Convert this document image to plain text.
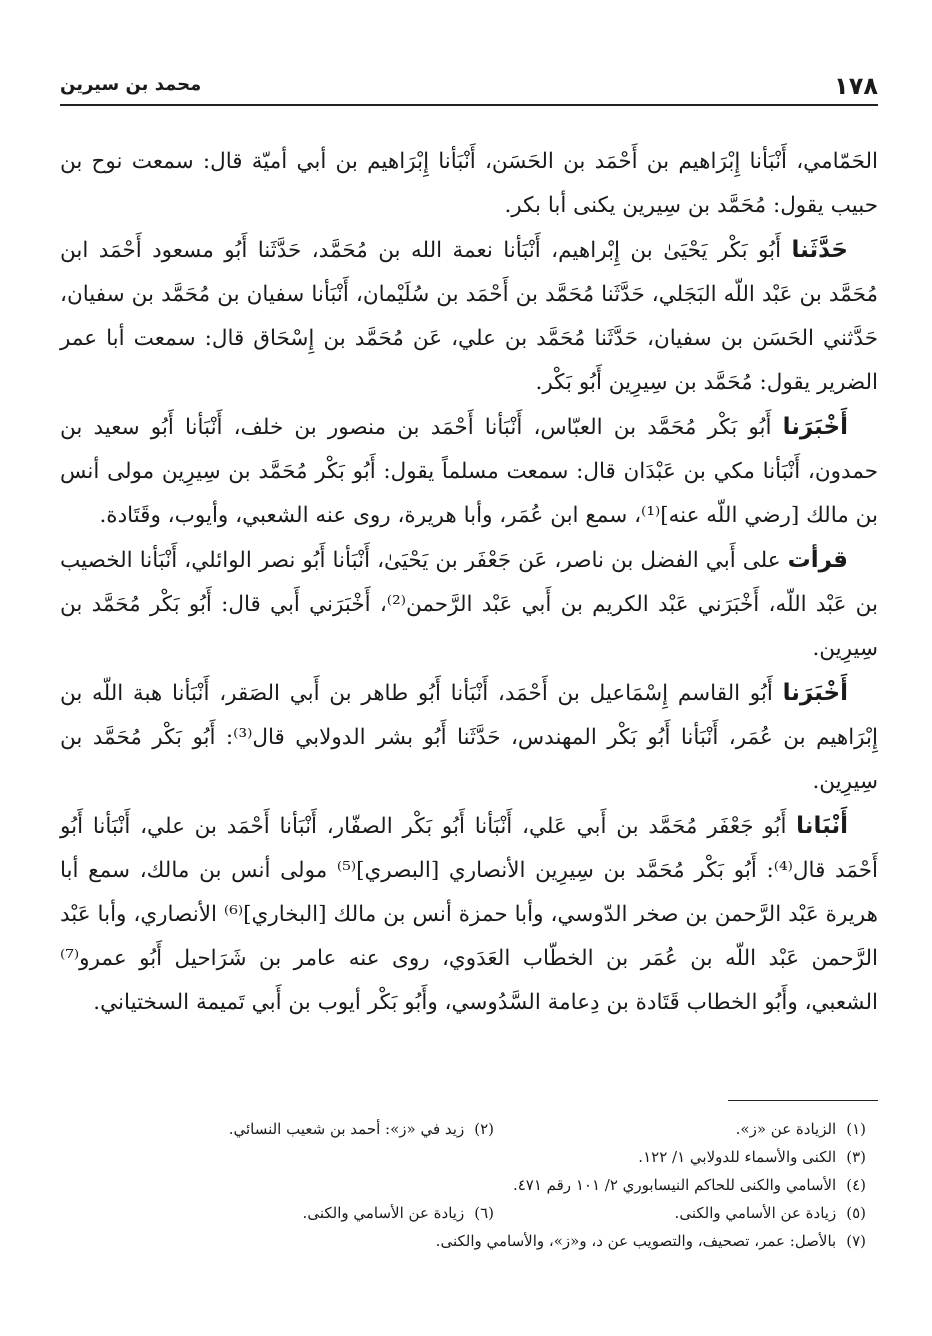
١٧٨
محمد بن سيرين

الحَمّامي، أَنْبَأنا إِبْرَاهيم بن أَحْمَد بن الحَسَن، أَنْبَأنا إِبْرَاهيم بن أبي أميّة قال: سمعت نوح بن حبيب يقول: مُحَمَّد بن سِيرين يكنى أبا بكر.

حَدَّثَنا أَبُو بَكْر يَحْيَىٰ بن إِبْراهيم، أَنْبَأنا نعمة الله بن مُحَمَّد، حَدَّثَنا أَبُو مسعود أَحْمَد ابن مُحَمَّد بن عَبْد اللّه البَجَلي، حَدَّثَنا مُحَمَّد بن أَحْمَد بن سُلَيْمان، أَنْبَأنا سفيان بن مُحَمَّد بن سفيان، حَدَّثني الحَسَن بن سفيان، حَدَّثَنا مُحَمَّد بن علي، عَن مُحَمَّد بن إِسْحَاق قال: سمعت أبا عمر الضرير يقول: مُحَمَّد بن سِيرِين أَبُو بَكْر.

أَخْبَرَنا أَبُو بَكْر مُحَمَّد بن العبّاس، أَنْبَأنا أَحْمَد بن منصور بن خلف، أَنْبَأنا أَبُو سعيد بن حمدون، أَنْبَأنا مكي بن عَبْدَان قال: سمعت مسلماً يقول: أَبُو بَكْر مُحَمَّد بن سِيرِين مولى أنس بن مالك [رضي اللّه عنه]⁽¹⁾، سمع ابن عُمَر، وأبا هريرة، روى عنه الشعبي، وأيوب، وقَتَادة.

قرأت على أَبي الفضل بن ناصر، عَن جَعْفَر بن يَحْيَىٰ، أَنْبَأنا أَبُو نصر الوائلي، أَنْبَأنا الخصيب بن عَبْد اللّه، أَخْبَرَني عَبْد الكريم بن أَبي عَبْد الرَّحمن⁽²⁾، أَخْبَرَني أَبي قال: أَبُو بَكْر مُحَمَّد بن سِيرِين.

أَخْبَرَنا أَبُو القاسم إِسْمَاعيل بن أَحْمَد، أَنْبَأنا أَبُو طاهر بن أَبي الصَقر، أَنْبَأنا هبة اللّه بن إِبْرَاهيم بن عُمَر، أَنْبَأنا أَبُو بَكْر المهندس، حَدَّثَنا أَبُو بشر الدولابي قال⁽³⁾: أَبُو بَكْر مُحَمَّد بن سِيرِين.

أَنْبَانا أَبُو جَعْفَر مُحَمَّد بن أَبي عَلي، أَنْبَأنا أَبُو بَكْر الصفّار، أَنْبَأنا أَحْمَد بن علي، أَنْبَأنا أَبُو أَحْمَد قال⁽⁴⁾: أَبُو بَكْر مُحَمَّد بن سِيرِين الأنصاري [البصري]⁽⁵⁾ مولى أنس بن مالك، سمع أبا هريرة عَبْد الرَّحمن بن صخر الدّوسي، وأبا حمزة أنس بن مالك [البخاري]⁽⁶⁾ الأنصاري، وأبا عَبْد الرَّحمن عَبْد اللّه بن عُمَر بن الخطّاب العَدَوي، روى عنه عامر بن شَرَاحيل أَبُو عمرو⁽⁷⁾ الشعبي، وأَبُو الخطاب قَتَادة بن دِعامة السَّدُوسي، وأَبُو بَكْر أيوب بن أَبي تَميمة السختياني.

(١)الزيادة عن «ز».
(٢)زيد في «ز»: أحمد بن شعيب النسائي.
(٣)الكنى والأسماء للدولابي ١/ ١٢٢.
(٤)الأسامي والكنى للحاكم النيسابوري ٢/ ١٠١ رقم ٤٧١.
(٥)زيادة عن الأسامي والكنى.
(٦)زيادة عن الأسامي والكنى.
(٧)بالأصل: عمر، تصحيف، والتصويب عن د، و«ز»، والأسامي والكنى.
